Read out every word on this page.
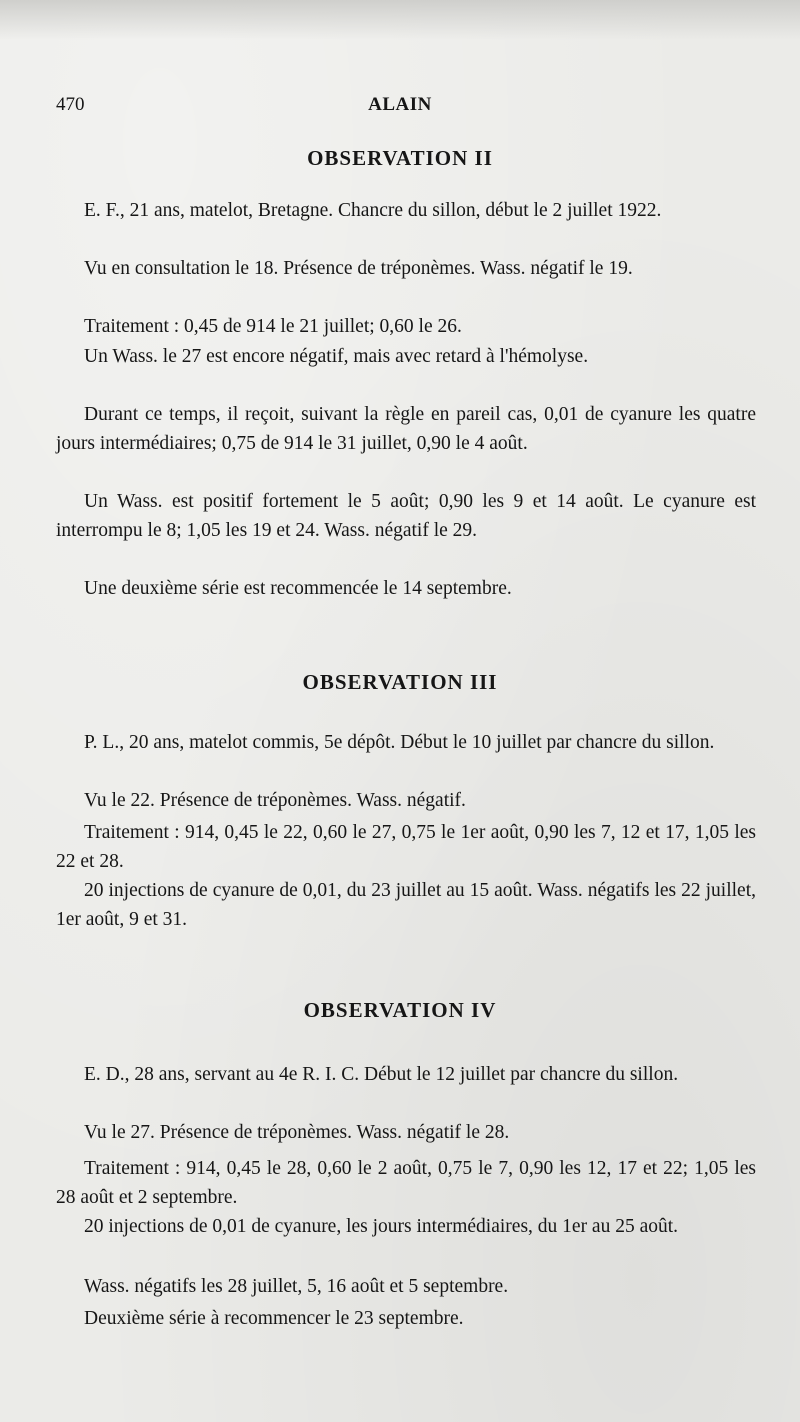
470	ALAIN
OBSERVATION II

E. F., 21 ans, matelot, Bretagne. Chancre du sillon, début le 2 juillet 1922.

Vu en consultation le 18. Présence de tréponèmes. Wass. négatif le 19.

Traitement : 0,45 de 914 le 21 juillet; 0,60 le 26.

Un Wass. le 27 est encore négatif, mais avec retard à l'hémolyse.

Durant ce temps, il reçoit, suivant la règle en pareil cas, 0,01 de cyanure les quatre jours intermédiaires; 0,75 de 914 le 31 juillet, 0,90 le 4 août.

Un Wass. est positif fortement le 5 août; 0,90 les 9 et 14 août. Le cyanure est interrompu le 8; 1,05 les 19 et 24. Wass. négatif le 29.

Une deuxième série est recommencée le 14 septembre.

OBSERVATION III

P. L., 20 ans, matelot commis, 5e dépôt. Début le 10 juillet par chancre du sillon.

Vu le 22. Présence de tréponèmes. Wass. négatif.

Traitement : 914, 0,45 le 22, 0,60 le 27, 0,75 le 1er août, 0,90 les 7, 12 et 17, 1,05 les 22 et 28.

20 injections de cyanure de 0,01, du 23 juillet au 15 août. Wass. négatifs les 22 juillet, 1er août, 9 et 31.

OBSERVATION IV

E. D., 28 ans, servant au 4e R. I. C. Début le 12 juillet par chancre du sillon.

Vu le 27. Présence de tréponèmes. Wass. négatif le 28.

Traitement : 914, 0,45 le 28, 0,60 le 2 août, 0,75 le 7, 0,90 les 12, 17 et 22; 1,05 les 28 août et 2 septembre.

20 injections de 0,01 de cyanure, les jours intermédiaires, du 1er au 25 août.

Wass. négatifs les 28 juillet, 5, 16 août et 5 septembre.

Deuxième série à recommencer le 23 septembre.
